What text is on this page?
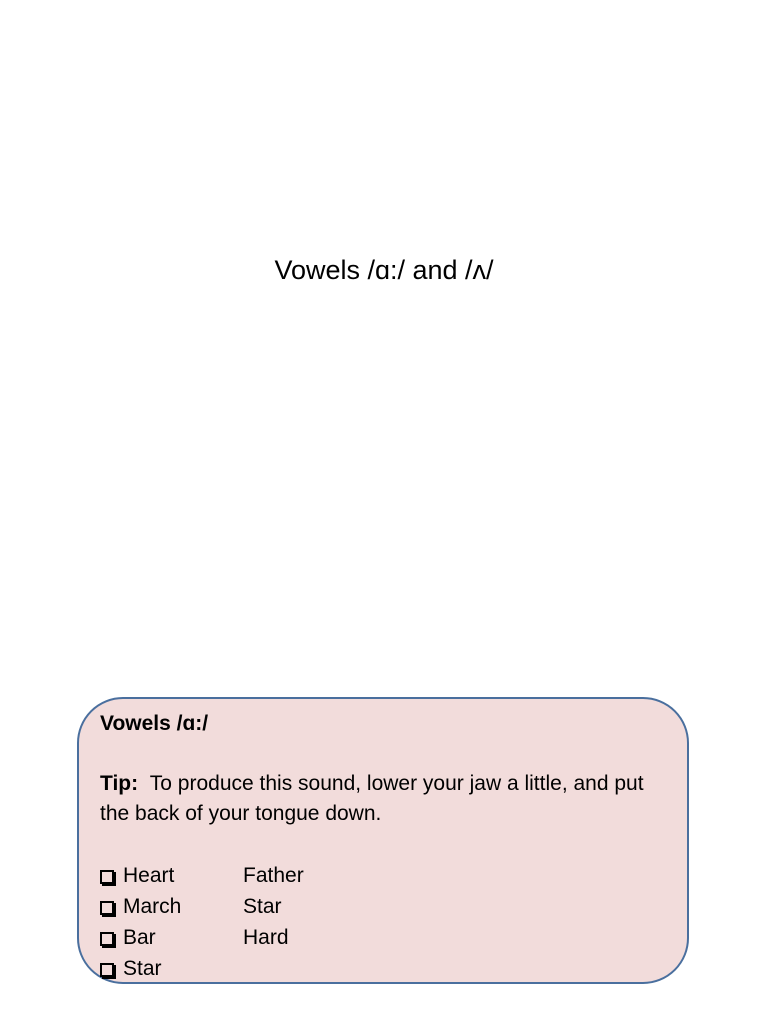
Vowels /ɑ:/ and /ʌ/
Vowels /ɑ:/
Tip: To produce this sound, lower your jaw a little, and put the back of your tongue down.
Heart	Father
March	Star
Bar	Hard
Star
